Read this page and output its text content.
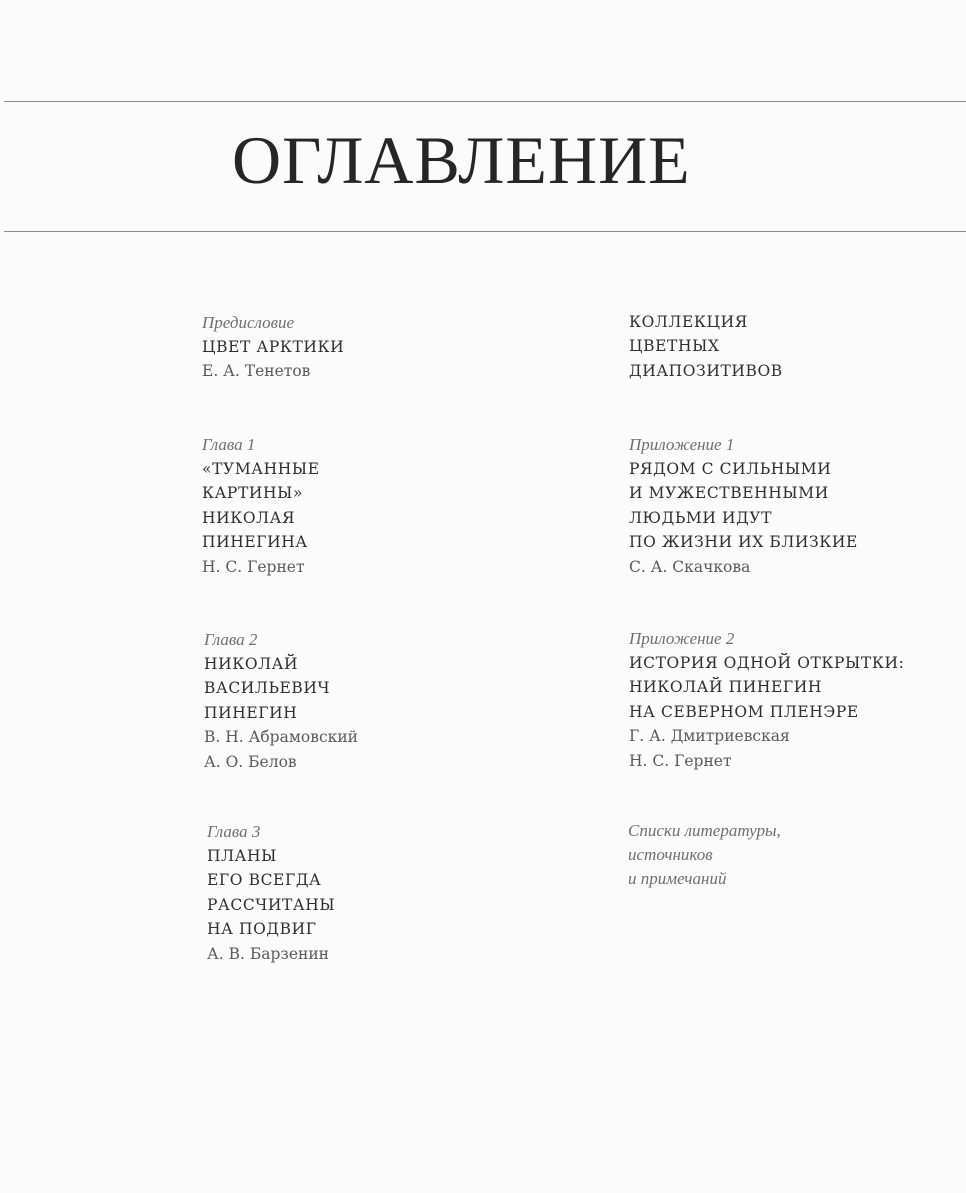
ОГЛАВЛЕНИЕ
Предисловие
ЦВЕТ АРКТИКИ
Е. А. Тенетов
Глава 1
«ТУМАННЫЕ
КАРТИНЫ»
НИКОЛАЯ
ПИНЕГИНА
Н. С. Гернет
Глава 2
НИКОЛАЙ
ВАСИЛЬЕВИЧ
ПИНЕГИН
В. Н. Абрамовский
А. О. Белов
Глава 3
ПЛАНЫ
ЕГО ВСЕГДА
РАССЧИТАНЫ
НА ПОДВИГ
А. В. Барзенин
КОЛЛЕКЦИЯ
ЦВЕТНЫХ
ДИАПОЗИТИВОВ
Приложение 1
РЯДОМ С СИЛЬНЫМИ
И МУЖЕСТВЕННЫМИ
ЛЮДЬМИ ИДУТ
ПО ЖИЗНИ ИХ БЛИЗКИЕ
С. А. Скачкова
Приложение 2
ИСТОРИЯ ОДНОЙ ОТКРЫТКИ:
НИКОЛАЙ ПИНЕГИН
НА СЕВЕРНОМ ПЛЕНЭРЕ
Г. А. Дмитриевская
Н. С. Гернет
Списки литературы,
источников
и примечаний
